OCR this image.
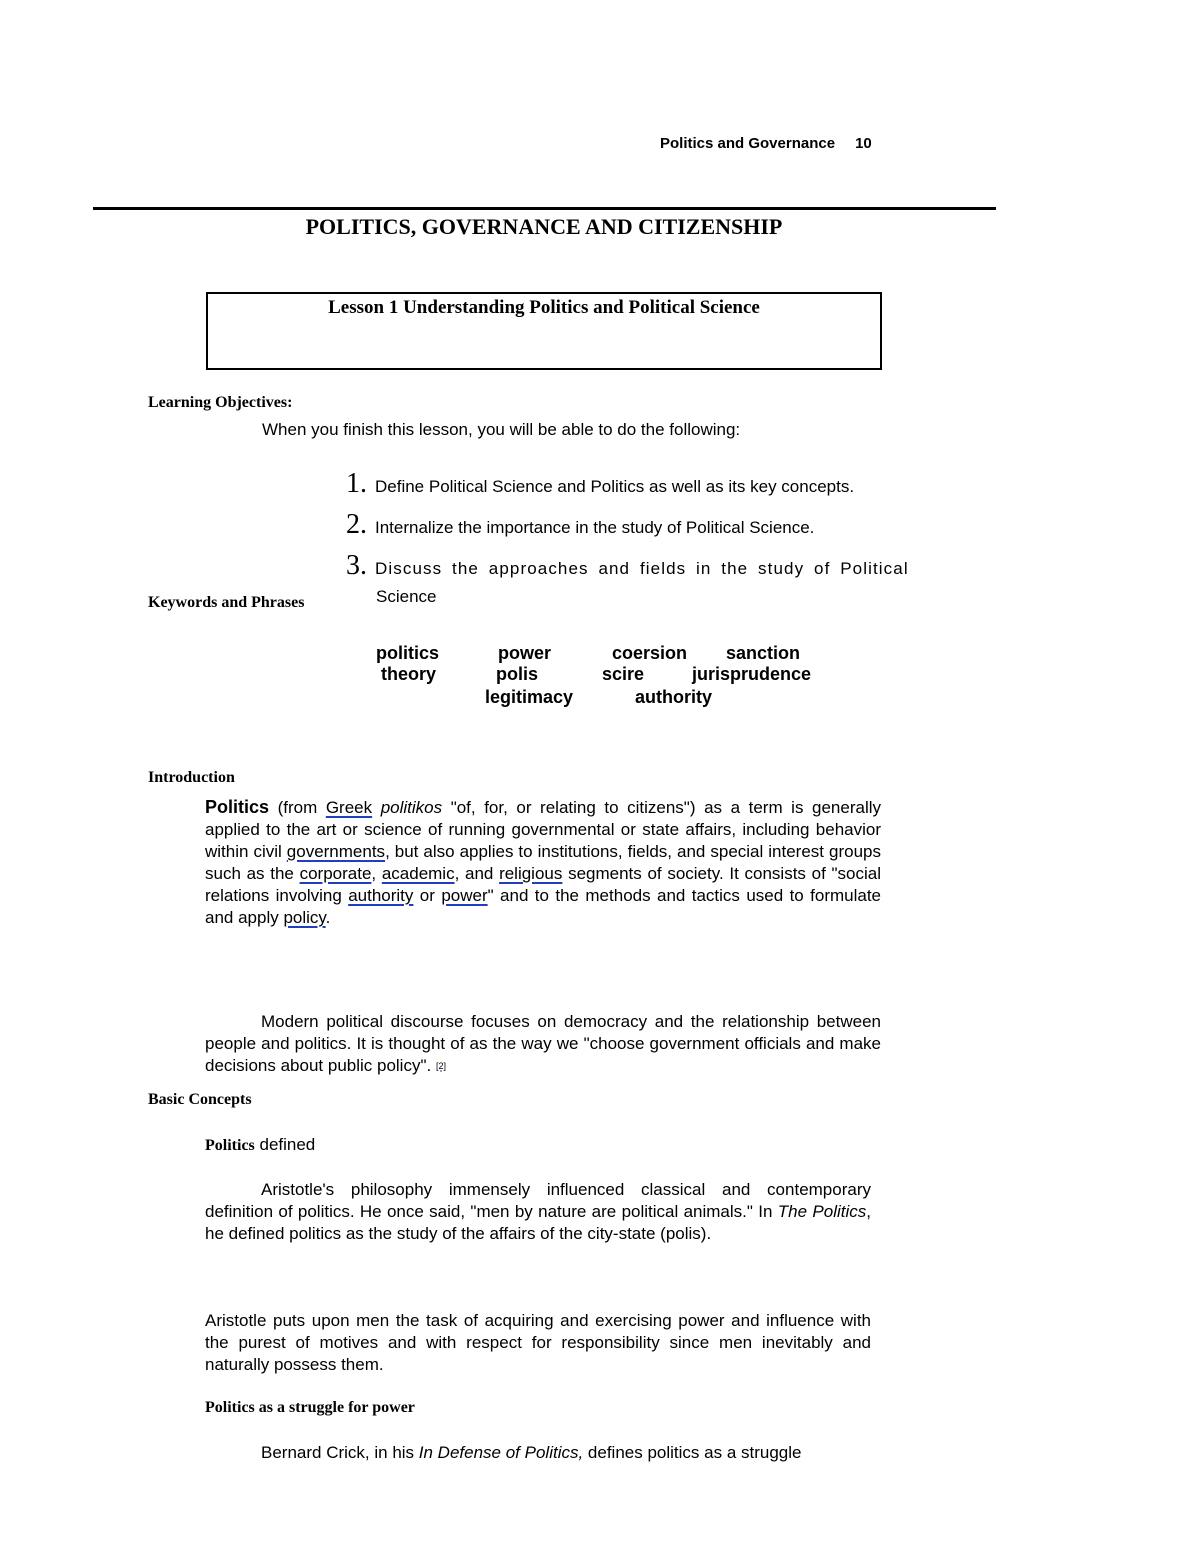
Politics and Governance 10
POLITICS, GOVERNANCE AND CITIZENSHIP
Lesson 1 Understanding Politics and Political Science
Learning Objectives:
When you finish this lesson, you will be able to do the following:
1. Define Political Science and Politics as well as its key concepts.
2. Internalize the importance in the study of Political Science.
3. Discuss the approaches and fields in the study of Political
Science
Keywords and Phrases
politics	power	coersion sanction
theory	polis	scire	jurisprudence
legitimacy	authority
Introduction
Politics (from Greek politikos "of, for, or relating to citizens") as a term is generally applied to the art or science of running governmental or state affairs, including behavior within civil governments, but also applies to institutions, fields, and special interest groups such as the corporate, academic, and religious segments of society. It consists of "social relations involving authority or power" and to the methods and tactics used to formulate and apply policy.
Modern political discourse focuses on democracy and the relationship between people and politics. It is thought of as the way we "choose government officials and make decisions about public policy". [2]
Basic Concepts
Politics defined
Aristotle's philosophy immensely influenced classical and contemporary definition of politics. He once said, "men by nature are political animals." In The Politics, he defined politics as the study of the affairs of the city-state (polis).
Aristotle puts upon men the task of acquiring and exercising power and influence with the purest of motives and with respect for responsibility since men inevitably and naturally possess them.
Politics as a struggle for power
Bernard Crick, in his In Defense of Politics, defines politics as a struggle
